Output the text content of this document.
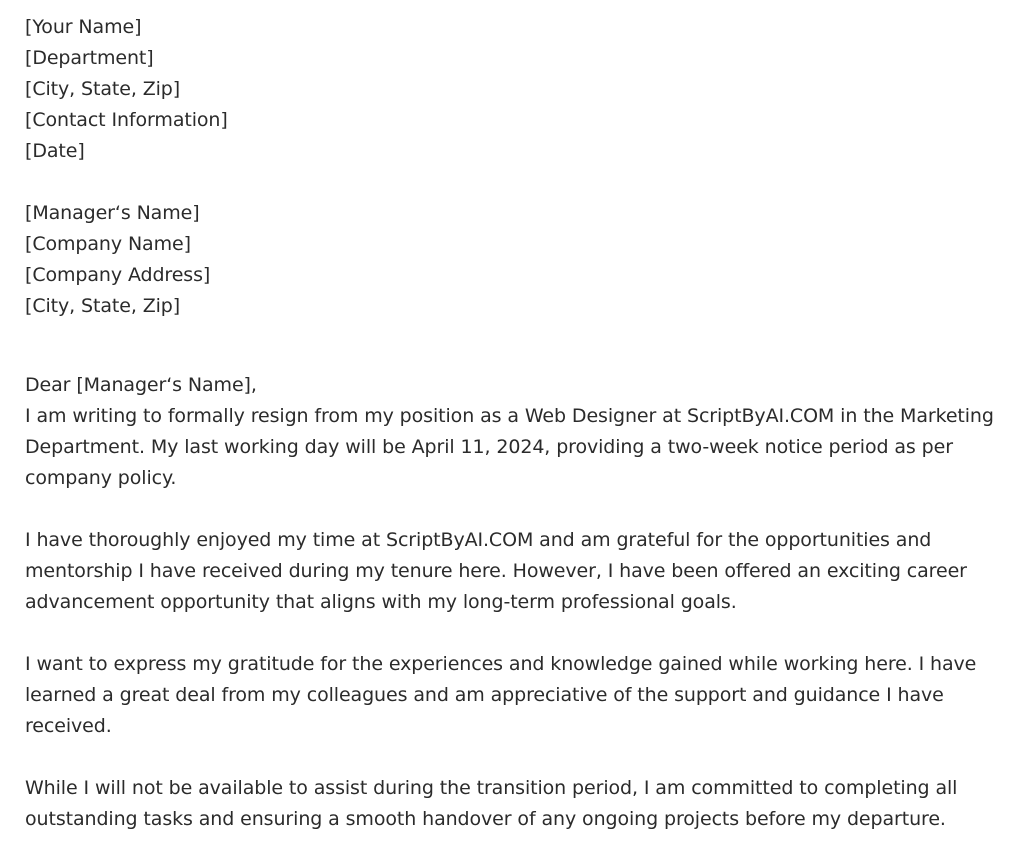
[Your Name]
[Department]
[City, State, Zip]
[Contact Information]
[Date]
[Manager‘s Name]
[Company Name]
[Company Address]
[City, State, Zip]
Dear [Manager‘s Name],
I am writing to formally resign from my position as a Web Designer at ScriptByAI.COM in the Marketing Department. My last working day will be April 11, 2024, providing a two-week notice period as per company policy.
I have thoroughly enjoyed my time at ScriptByAI.COM and am grateful for the opportunities and mentorship I have received during my tenure here. However, I have been offered an exciting career advancement opportunity that aligns with my long-term professional goals.
I want to express my gratitude for the experiences and knowledge gained while working here. I have learned a great deal from my colleagues and am appreciative of the support and guidance I have received.
While I will not be available to assist during the transition period, I am committed to completing all outstanding tasks and ensuring a smooth handover of any ongoing projects before my departure.
